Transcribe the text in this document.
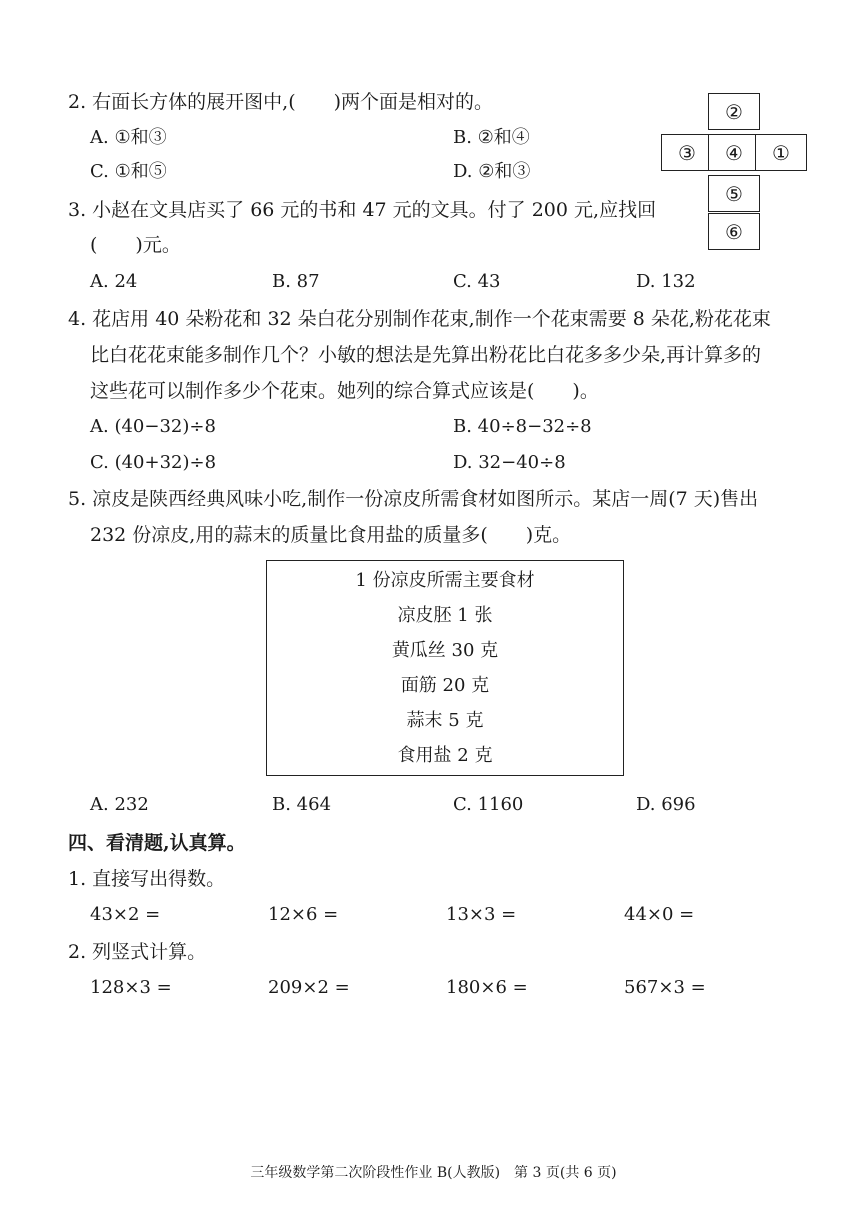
2. 右面长方体的展开图中,(　　)两个面是相对的。
A. ①和③	B. ②和④
C. ①和⑤	D. ②和③
②
③	④	①
⑤
⑥
3. 小赵在文具店买了 66 元的书和 47 元的文具。付了 200 元,应找回
(　　)元。
A. 24	B. 87	C. 43	D. 132
4. 花店用 40 朵粉花和 32 朵白花分别制作花束,制作一个花束需要 8 朵花,粉花花束
比白花花束能多制作几个？小敏的想法是先算出粉花比白花多多少朵,再计算多的
这些花可以制作多少个花束。她列的综合算式应该是(　　)。
A. (40−32)÷8	B. 40÷8−32÷8
C. (40+32)÷8	D. 32−40÷8
5. 凉皮是陕西经典风味小吃,制作一份凉皮所需食材如图所示。某店一周(7 天)售出
232 份凉皮,用的蒜末的质量比食用盐的质量多(　　)克。
1 份凉皮所需主要食材
凉皮胚 1 张
黄瓜丝 30 克
面筋 20 克
蒜末 5 克
食用盐 2 克
A. 232	B. 464	C. 1160	D. 696
四、看清题,认真算。
1. 直接写出得数。
43×2 =	12×6 =	13×3 =	44×0 =
2. 列竖式计算。
128×3 =	209×2 =	180×6 =	567×3 =
三年级数学第二次阶段性作业 B(人教版)　第 3 页(共 6 页)
